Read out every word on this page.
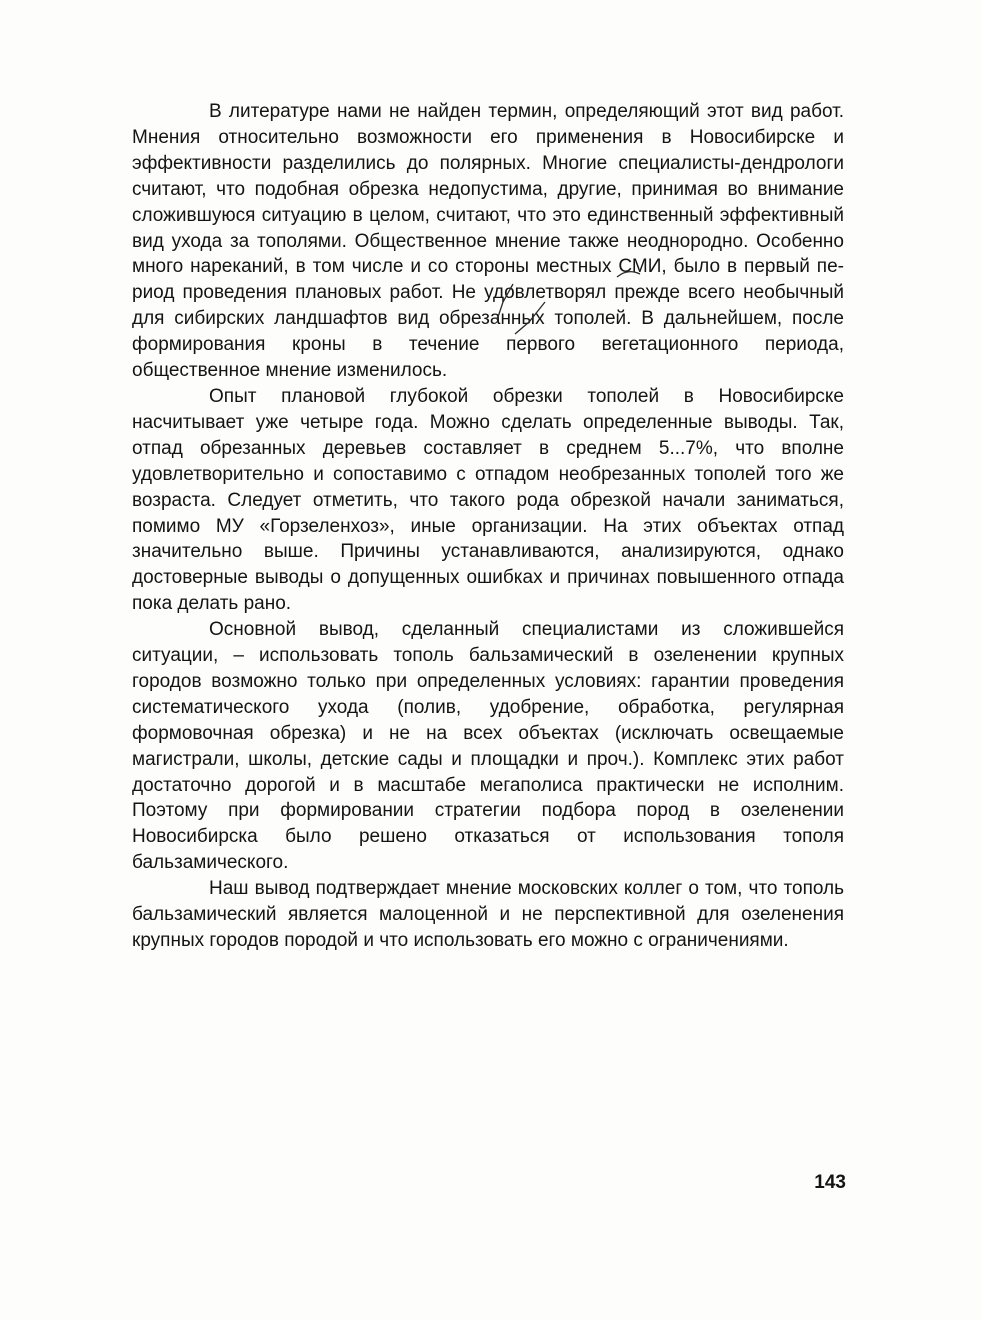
В литературе нами не найден термин, определяющий этот вид работ. Мнения относительно возможности его применения в Новосибирске и эффективности разделились до полярных. Многие специалисты-дендрологи считают, что подобная обрезка недопустима, другие, принимая во внимание сложившуюся ситуацию в целом, считают, что это единственный эффективный вид ухода за тополями. Общественное мнение также неоднородно. Особенно много нареканий, в том числе и со стороны местных СМИ, было в первый период проведения плановых работ. Не удовлетворял прежде всего необычный для сибирских ландшафтов вид обрезанных тополей. В дальнейшем, после формирования кроны в течение первого вегетационного периода, общественное мнение изменилось.

Опыт плановой глубокой обрезки тополей в Новосибирске насчитывает уже четыре года. Можно сделать определенные выводы. Так, отпад обрезанных деревьев составляет в среднем 5...7%, что вполне удовлетворительно и сопоставимо с отпадом необрезанных тополей того же возраста. Следует отметить, что такого рода обрезкой начали заниматься, помимо МУ «Горзеленхоз», иные организации. На этих объектах отпад значительно выше. Причины устанавливаются, анализируются, однако достоверные выводы о допущенных ошибках и причинах повышенного отпада пока делать рано.

Основной вывод, сделанный специалистами из сложившейся ситуации, – использовать тополь бальзамический в озеленении крупных городов возможно только при определенных условиях: гарантии проведения систематического ухода (полив, удобрение, обработка, регулярная формовочная обрезка) и не на всех объектах (исключать освещаемые магистрали, школы, детские сады и площадки и проч.). Комплекс этих работ достаточно дорогой и в масштабе мегаполиса практически не исполним. Поэтому при формировании стратегии подбора пород в озеленении Новосибирска было решено отказаться от использования тополя бальзамического.

Наш вывод подтверждает мнение московских коллег о том, что тополь бальзамический является малоценной и не перспективной для озеленения крупных городов породой и что использовать его можно с ограничениями.

143
